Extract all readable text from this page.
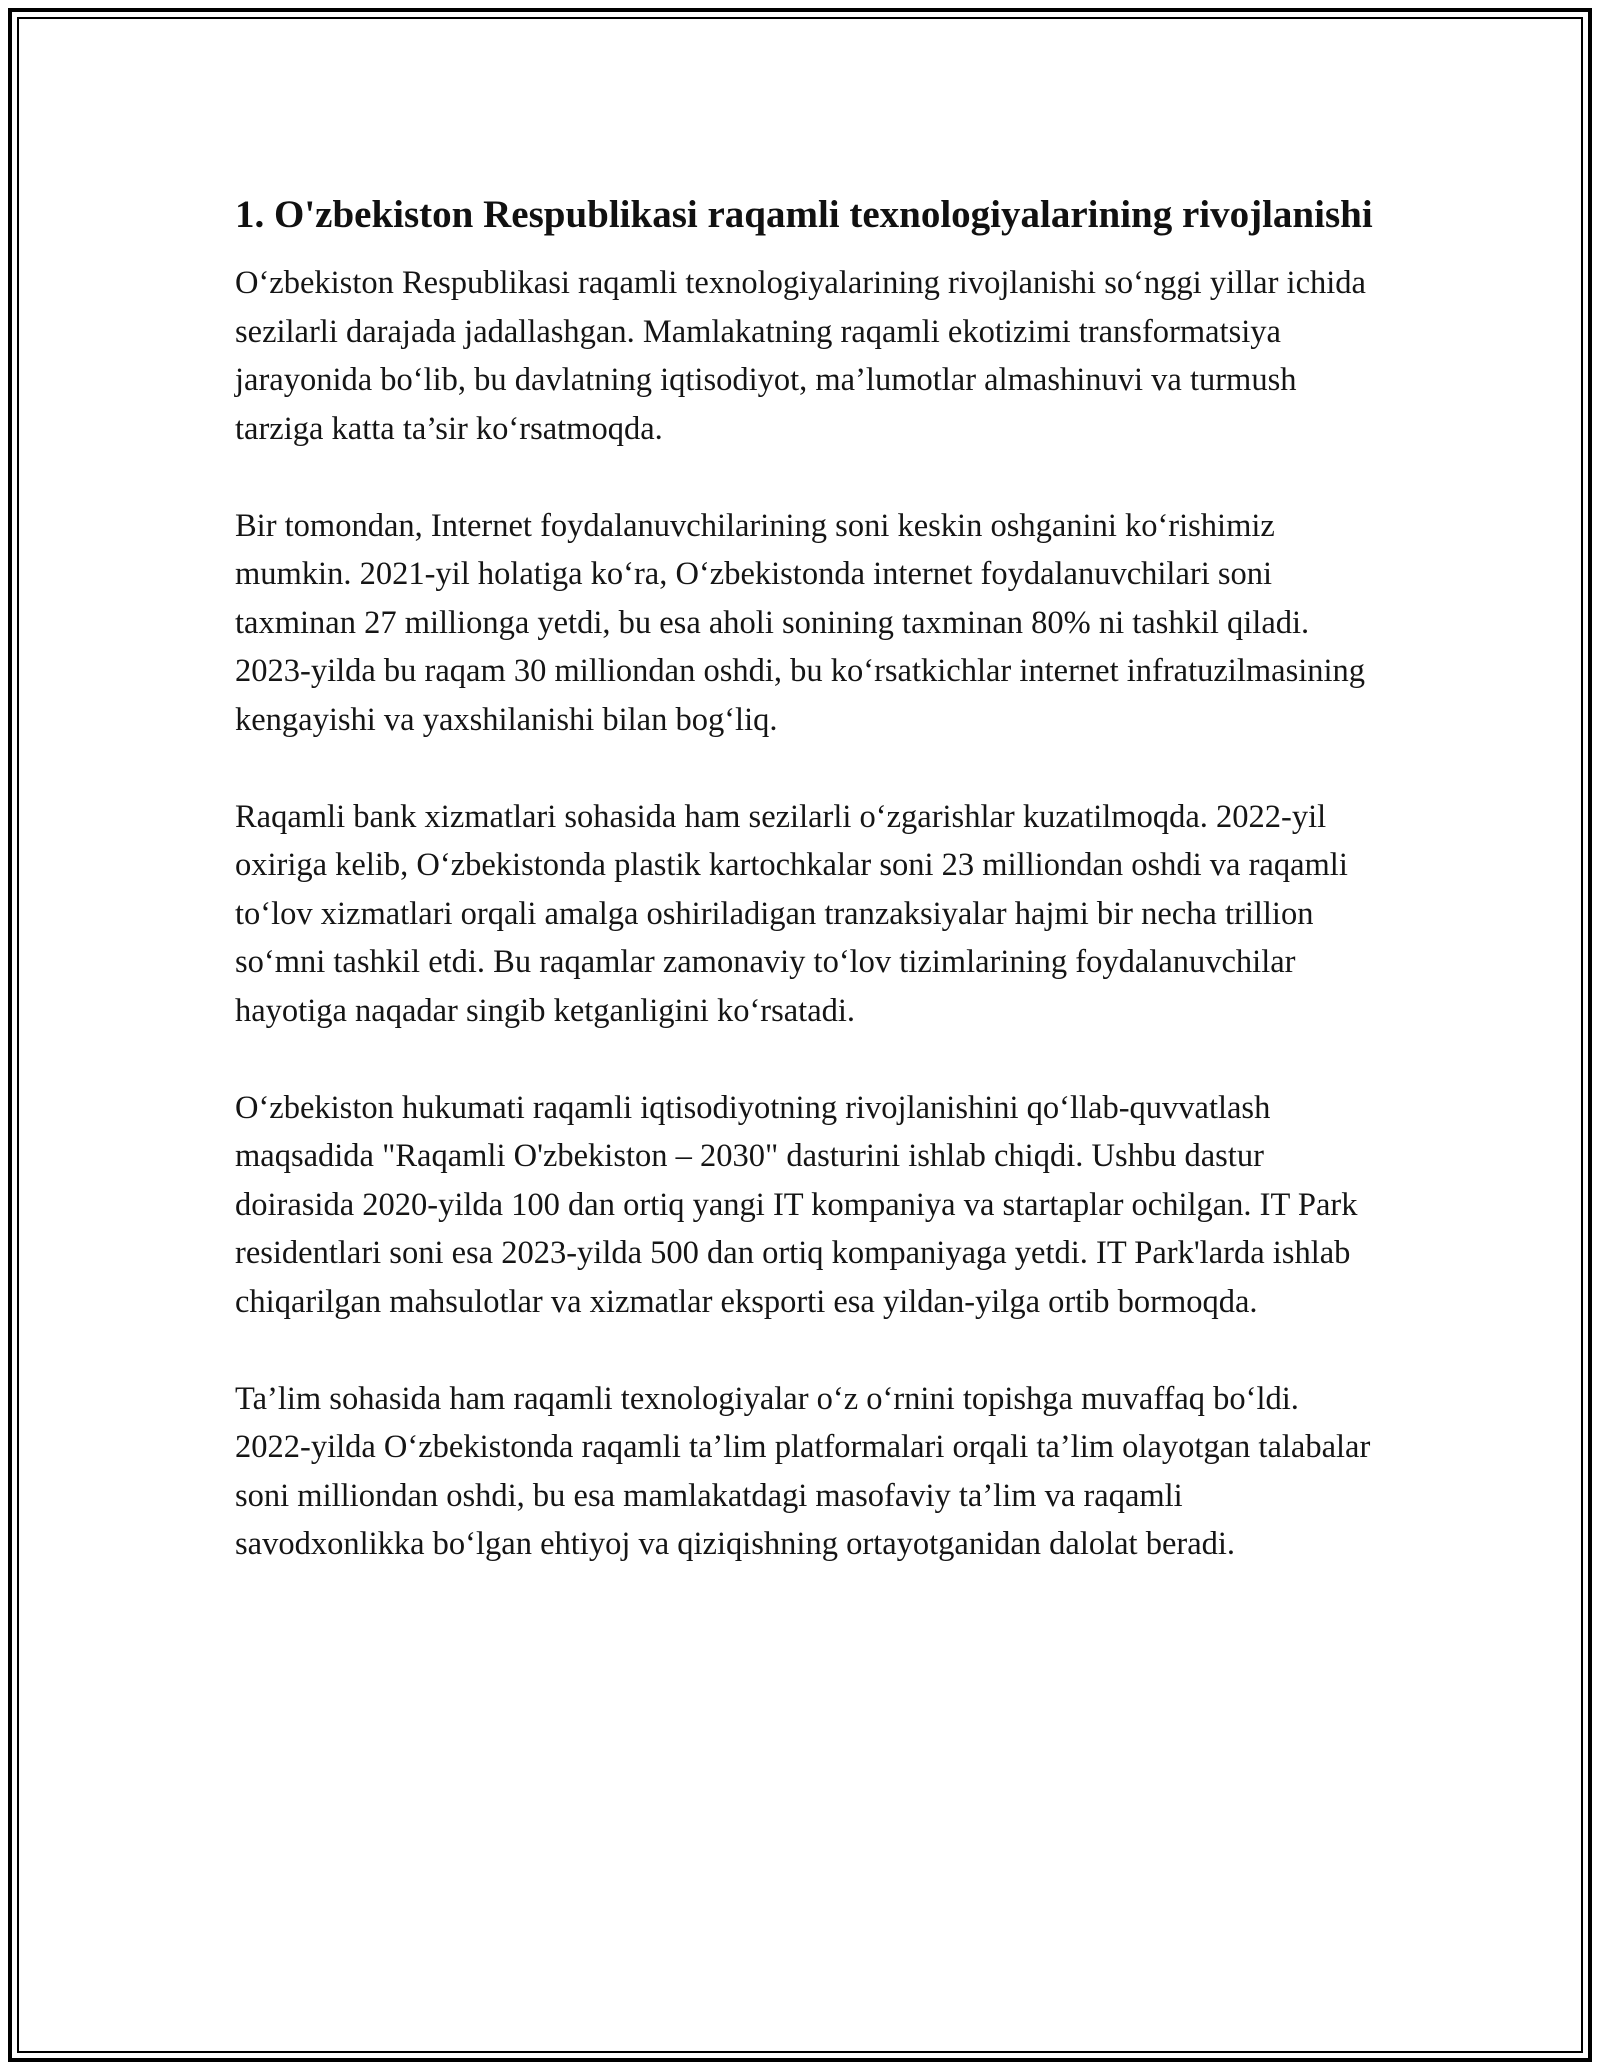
1. O'zbekiston Respublikasi raqamli texnologiyalarining rivojlanishi

O‘zbekiston Respublikasi raqamli texnologiyalarining rivojlanishi so‘nggi yillar ichida sezilarli darajada jadallashgan. Mamlakatning raqamli ekotizimi transformatsiya jarayonida bo‘lib, bu davlatning iqtisodiyot, ma’lumotlar almashinuvi va turmush tarziga katta ta’sir ko‘rsatmoqda.

Bir tomondan, Internet foydalanuvchilarining soni keskin oshganini ko‘rishimiz mumkin. 2021-yil holatiga ko‘ra, O‘zbekistonda internet foydalanuvchilari soni taxminan 27 millionga yetdi, bu esa aholi sonining taxminan 80% ni tashkil qiladi. 2023-yilda bu raqam 30 milliondan oshdi, bu ko‘rsatkichlar internet infratuzilmasining kengayishi va yaxshilanishi bilan bog‘liq.

Raqamli bank xizmatlari sohasida ham sezilarli o‘zgarishlar kuzatilmoqda. 2022-yil oxiriga kelib, O‘zbekistonda plastik kartochkalar soni 23 milliondan oshdi va raqamli to‘lov xizmatlari orqali amalga oshiriladigan tranzaksiyalar hajmi bir necha trillion so‘mni tashkil etdi. Bu raqamlar zamonaviy to‘lov tizimlarining foydalanuvchilar hayotiga naqadar singib ketganligini ko‘rsatadi.

O‘zbekiston hukumati raqamli iqtisodiyotning rivojlanishini qo‘llab-quvvatlash maqsadida "Raqamli O'zbekiston – 2030" dasturini ishlab chiqdi. Ushbu dastur doirasida 2020-yilda 100 dan ortiq yangi IT kompaniya va startaplar ochilgan. IT Park residentlari soni esa 2023-yilda 500 dan ortiq kompaniyaga yetdi. IT Park'larda ishlab chiqarilgan mahsulotlar va xizmatlar eksporti esa yildan-yilga ortib bormoqda.

Ta’lim sohasida ham raqamli texnologiyalar o‘z o‘rnini topishga muvaffaq bo‘ldi. 2022-yilda O‘zbekistonda raqamli ta’lim platformalari orqali ta’lim olayotgan talabalar soni milliondan oshdi, bu esa mamlakatdagi masofaviy ta’lim va raqamli savodxonlikka bo‘lgan ehtiyoj va qiziqishning ortayotganidan dalolat beradi.
